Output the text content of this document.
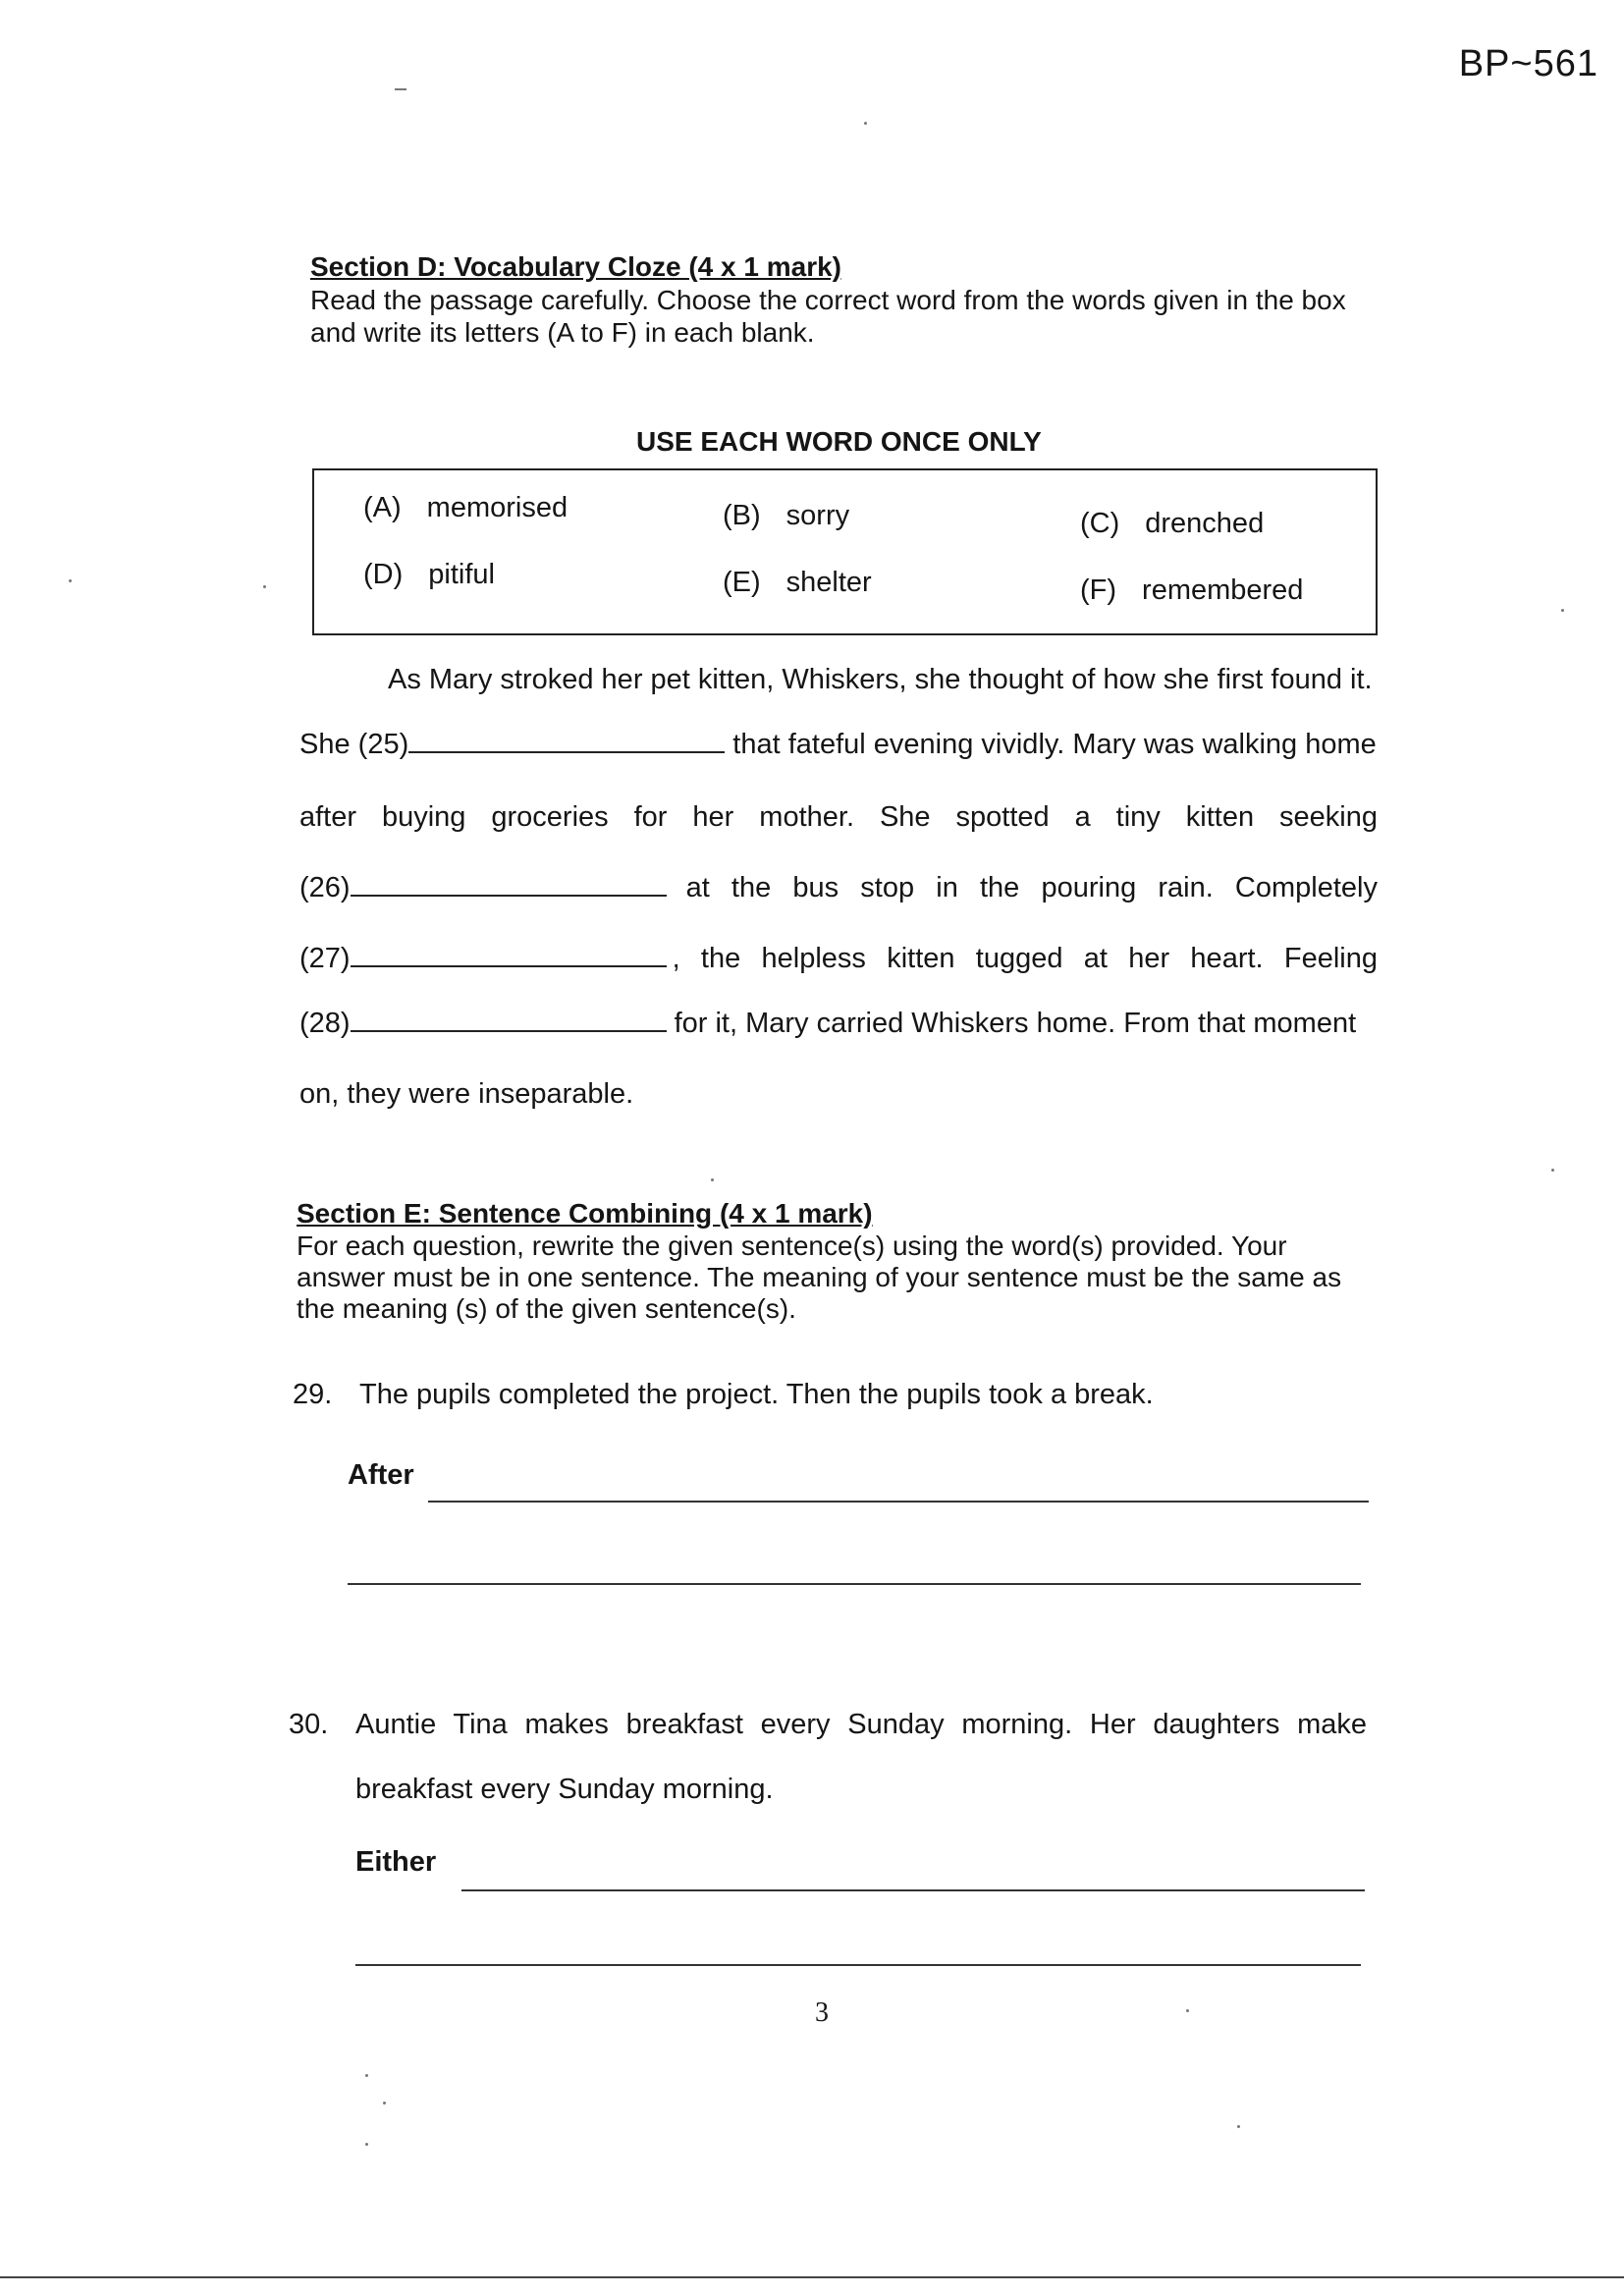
BP~561
Section D: Vocabulary Cloze (4 x 1 mark)
Read the passage carefully. Choose the correct word from the words given in the box
and write its letters (A to F) in each blank.
USE EACH WORD ONCE ONLY
(A) memorised	(B) sorry	(C) drenched
(D) pitiful	(E) shelter	(F) remembered
As Mary stroked her pet kitten, Whiskers, she thought of how she first found it.
She (25)	that fateful evening vividly. Mary was walking home
after buying groceries for her mother. She spotted a tiny kitten seeking
(26)	at the bus stop in the pouring rain. Completely
(27)	, the helpless kitten tugged at her heart. Feeling
(28)	for it, Mary carried Whiskers home. From that moment
on, they were inseparable.
Section E: Sentence Combining (4 x 1 mark)
For each question, rewrite the given sentence(s) using the word(s) provided. Your
answer must be in one sentence. The meaning of your sentence must be the same as
the meaning (s) of the given sentence(s).
29. The pupils completed the project. Then the pupils took a break.
After
30. Auntie Tina makes breakfast every Sunday morning. Her daughters make
breakfast every Sunday morning.
Either
3
